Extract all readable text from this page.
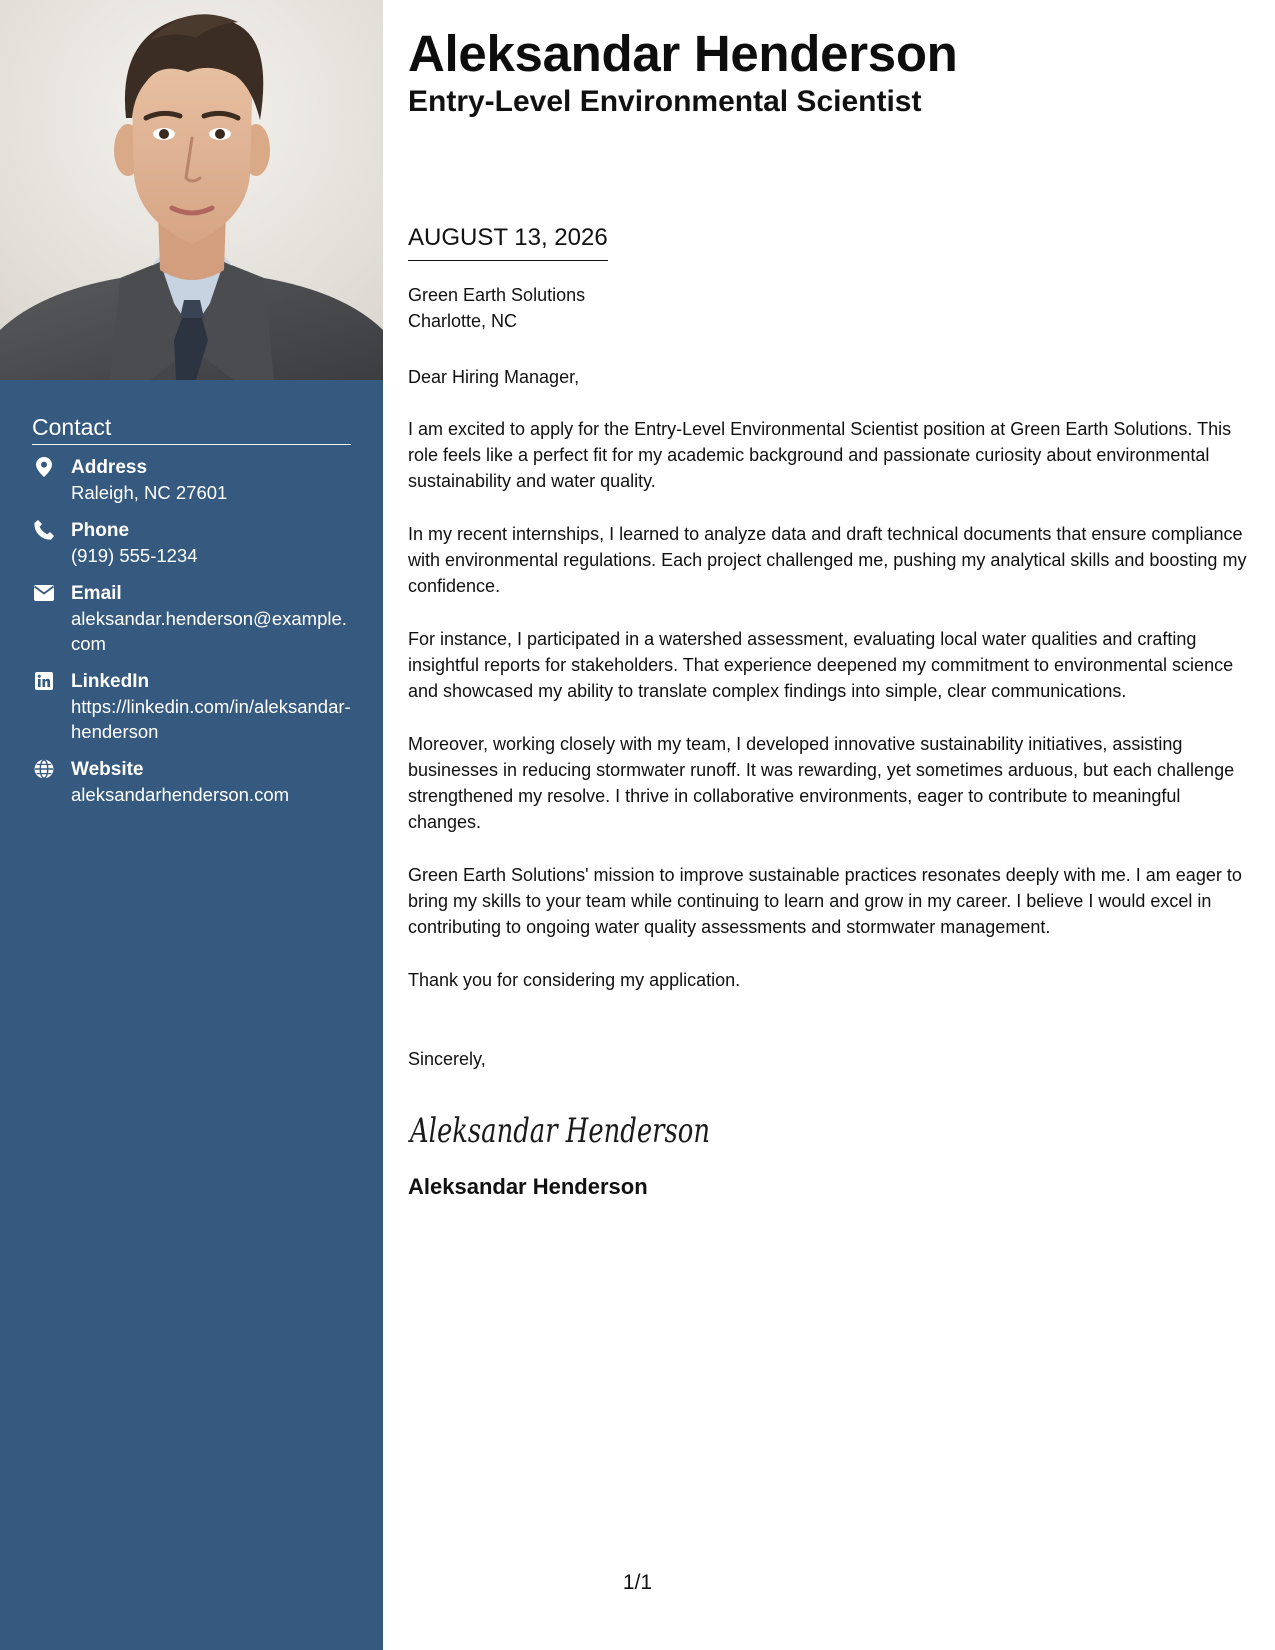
Contact
Address
Raleigh, NC 27601
Phone
(919) 555-1234
Email
aleksandar.henderson@example.com
LinkedIn
https://linkedin.com/in/aleksandar-henderson
Website
aleksandarhenderson.com
Aleksandar Henderson
Entry-Level Environmental Scientist
AUGUST 13, 2026

Green Earth Solutions

Charlotte, NC

Dear Hiring Manager,

I am excited to apply for the Entry-Level Environmental Scientist position at Green Earth Solutions. This role feels like a perfect fit for my academic background and passionate curiosity about environmental sustainability and water quality.

In my recent internships, I learned to analyze data and draft technical documents that ensure compliance with environmental regulations. Each project challenged me, pushing my analytical skills and boosting my confidence.

For instance, I participated in a watershed assessment, evaluating local water qualities and crafting insightful reports for stakeholders. That experience deepened my commitment to environmental science and showcased my ability to translate complex findings into simple, clear communications.

Moreover, working closely with my team, I developed innovative sustainability initiatives, assisting businesses in reducing stormwater runoff. It was rewarding, yet sometimes arduous, but each challenge strengthened my resolve. I thrive in collaborative environments, eager to contribute to meaningful changes.

Green Earth Solutions' mission to improve sustainable practices resonates deeply with me. I am eager to bring my skills to your team while continuing to learn and grow in my career. I believe I would excel in contributing to ongoing water quality assessments and stormwater management.

Thank you for considering my application.

Sincerely,

Aleksandar Henderson
Aleksandar Henderson
1/1
